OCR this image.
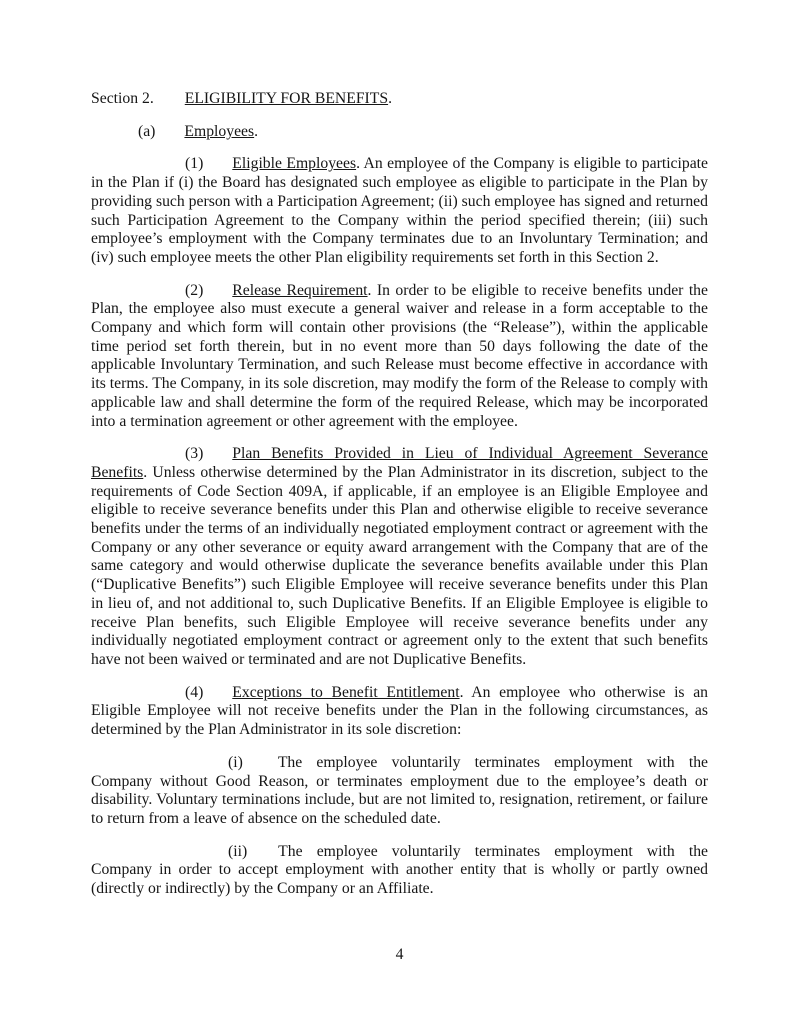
Section 2. ELIGIBILITY FOR BENEFITS.

(a) Employees.

(1) Eligible Employees. An employee of the Company is eligible to participate in the Plan if (i) the Board has designated such employee as eligible to participate in the Plan by providing such person with a Participation Agreement; (ii) such employee has signed and returned such Participation Agreement to the Company within the period specified therein; (iii) such employee’s employment with the Company terminates due to an Involuntary Termination; and (iv) such employee meets the other Plan eligibility requirements set forth in this Section 2.

(2) Release Requirement. In order to be eligible to receive benefits under the Plan, the employee also must execute a general waiver and release in a form acceptable to the Company and which form will contain other provisions (the “Release”), within the applicable time period set forth therein, but in no event more than 50 days following the date of the applicable Involuntary Termination, and such Release must become effective in accordance with its terms. The Company, in its sole discretion, may modify the form of the Release to comply with applicable law and shall determine the form of the required Release, which may be incorporated into a termination agreement or other agreement with the employee.

(3) Plan Benefits Provided in Lieu of Individual Agreement Severance Benefits. Unless otherwise determined by the Plan Administrator in its discretion, subject to the requirements of Code Section 409A, if applicable, if an employee is an Eligible Employee and eligible to receive severance benefits under this Plan and otherwise eligible to receive severance benefits under the terms of an individually negotiated employment contract or agreement with the Company or any other severance or equity award arrangement with the Company that are of the same category and would otherwise duplicate the severance benefits available under this Plan (“Duplicative Benefits”) such Eligible Employee will receive severance benefits under this Plan in lieu of, and not additional to, such Duplicative Benefits. If an Eligible Employee is eligible to receive Plan benefits, such Eligible Employee will receive severance benefits under any individually negotiated employment contract or agreement only to the extent that such benefits have not been waived or terminated and are not Duplicative Benefits.

(4) Exceptions to Benefit Entitlement. An employee who otherwise is an Eligible Employee will not receive benefits under the Plan in the following circumstances, as determined by the Plan Administrator in its sole discretion:

(i) The employee voluntarily terminates employment with the Company without Good Reason, or terminates employment due to the employee’s death or disability. Voluntary terminations include, but are not limited to, resignation, retirement, or failure to return from a leave of absence on the scheduled date.

(ii) The employee voluntarily terminates employment with the Company in order to accept employment with another entity that is wholly or partly owned (directly or indirectly) by the Company or an Affiliate.

4
